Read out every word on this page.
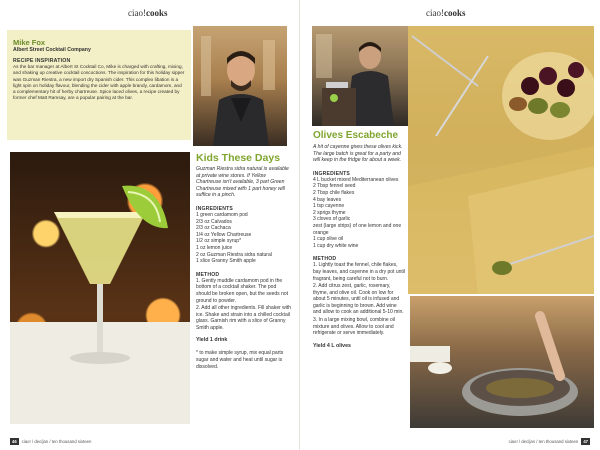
ciao!cooks
Mike Fox
Albert Street Cocktail Company
RECIPE INSPIRATION
As the bar manager at Albert St Cocktail Co, Mike is charged with crafting, mixing, and shaking up creative cocktail concoctions. The inspiration for this holiday sipper was Guzman Riestra, a new import dry Spanish cider. This complex libation is a light spin on holiday flavour, blending the cider with apple brandy, cardamom, and a complementary hit of herby chartreuse. Spice laced olives, a recipe created by former chef Matt Ramsay, are a popular pairing at the bar.
Kids These Days
Guzman Riestra sidra natural is available at private wine stores. If Yellow Chartreuse isn't available, 3 part Green Chartreuse mixed with 1 part honey will suffice in a pinch.
INGREDIENTS
1 green cardamom pod
2/3 oz Calvados
2/3 oz Cachaca
1/4 oz Yellow Chartreuse
1/2 oz simple syrup*
1 oz lemon juice
2 oz Guzman Riestra sidra natural
1 slice Granny Smith apple
METHOD
1. Gently muddle cardamom pod in the bottom of a cocktail shaker. The pod should be broken open, but the seeds not ground to powder.
2. Add all other ingredients. Fill shaker with ice. Shake and strain into a chilled cocktail glass. Garnish rim with a slice of Granny Smith apple.
Yield 1 drink
* to make simple syrup, mix equal parts sugar and water and heat until sugar is dissolved.
46	ciao! / dec/jan / ten thousand sixteen
ciao!cooks
Olives Escabeche
A hit of cayenne gives these olives kick. The large batch is great for a party and will keep in the fridge for about a week.
INGREDIENTS
4 L bucket mixed Mediterranean olives
2 Tbsp fennel seed
2 Tbsp chile flakes
4 bay leaves
1 tsp cayenne
2 sprigs thyme
3 cloves of garlic
zest (large strips) of one lemon and one orange
1 cup olive oil
1 cup dry white wine
METHOD
1. Lightly toast the fennel, chile flakes, bay leaves, and cayenne in a dry pot until fragrant, being careful not to burn.
2. Add citrus zest, garlic, rosemary, thyme, and olive oil. Cook on low for about 5 minutes, until oil is infused and garlic is beginning to brown. Add wine and allow to cook an additional 5-10 min.
3. In a large mixing bowl, combine oil mixture and olives. Allow to cool and refrigerate or serve immediately.
Yield 4 L olives
ciao! / dec/jan / ten thousand sixteen	47
